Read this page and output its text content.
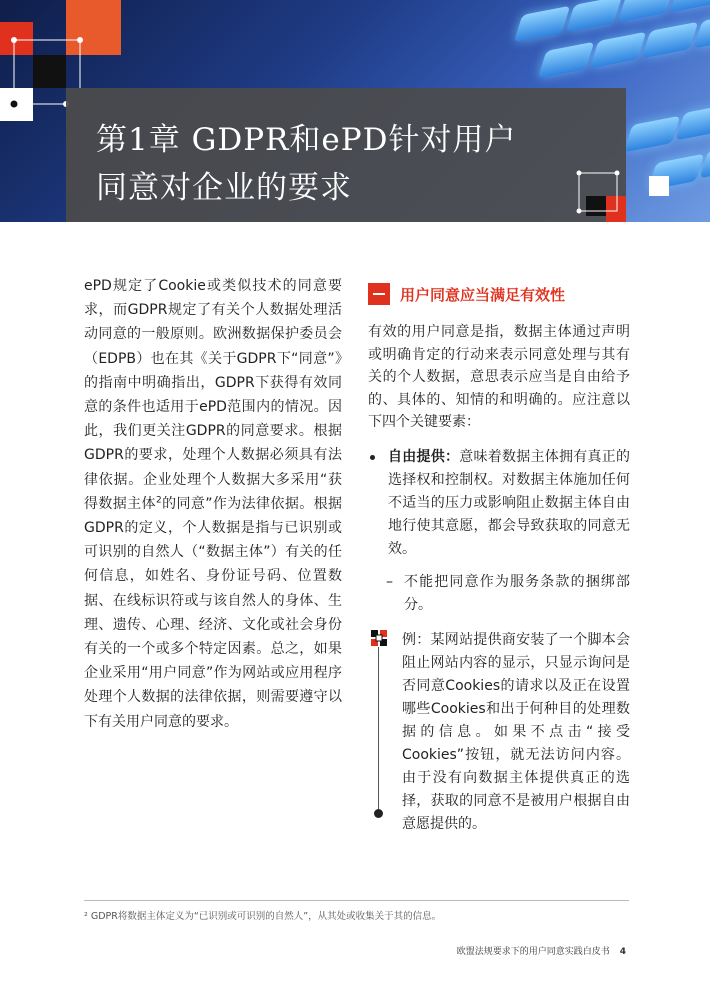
第1章 GDPR和ePD针对用户
同意对企业的要求
ePD规定了Cookie或类似技术的同意要求，而GDPR规定了有关个人数据处理活动同意的一般原则。欧洲数据保护委员会（EDPB）也在其《关于GDPR下“同意”》的指南中明确指出，GDPR下获得有效同意的条件也适用于ePD范围内的情况。因此，我们更关注GDPR的同意要求。根据GDPR的要求，处理个人数据必须具有法律依据。企业处理个人数据大多采用“获得数据主体$^2$的同意”作为法律依据。根据GDPR的定义，个人数据是指与已识别或可识别的自然人（“数据主体”）有关的任何信息，如姓名、身份证号码、位置数据、在线标识符或与该自然人的身体、生理、遗传、心理、经济、文化或社会身份有关的一个或多个特定因素。总之，如果企业采用“用户同意”作为网站或应用程序处理个人数据的法律依据，则需要遵守以下有关用户同意的要求。
用户同意应当满足有效性
有效的用户同意是指，数据主体通过声明或明确肯定的行动来表示同意处理与其有关的个人数据，意思表示应当是自由给予的、具体的、知情的和明确的。应注意以下四个关键要素：
自由提供：意味着数据主体拥有真正的选择权和控制权。对数据主体施加任何不适当的压力或影响阻止数据主体自由地行使其意愿，都会导致获取的同意无效。
– 不能把同意作为服务条款的捆绑部分。
例：某网站提供商安装了一个脚本会阻止网站内容的显示，只显示询问是否同意Cookies的请求以及正在设置哪些Cookies和出于何种目的处理数据的信息。如果不点击“接受 Cookies”按钮，就无法访问内容。由于没有向数据主体提供真正的选择，获取的同意不是被用户根据自由意愿提供的。
² GDPR将数据主体定义为“已识别或可识别的自然人”，从其处或收集关于其的信息。
欧盟法规要求下的用户同意实践白皮书 4
